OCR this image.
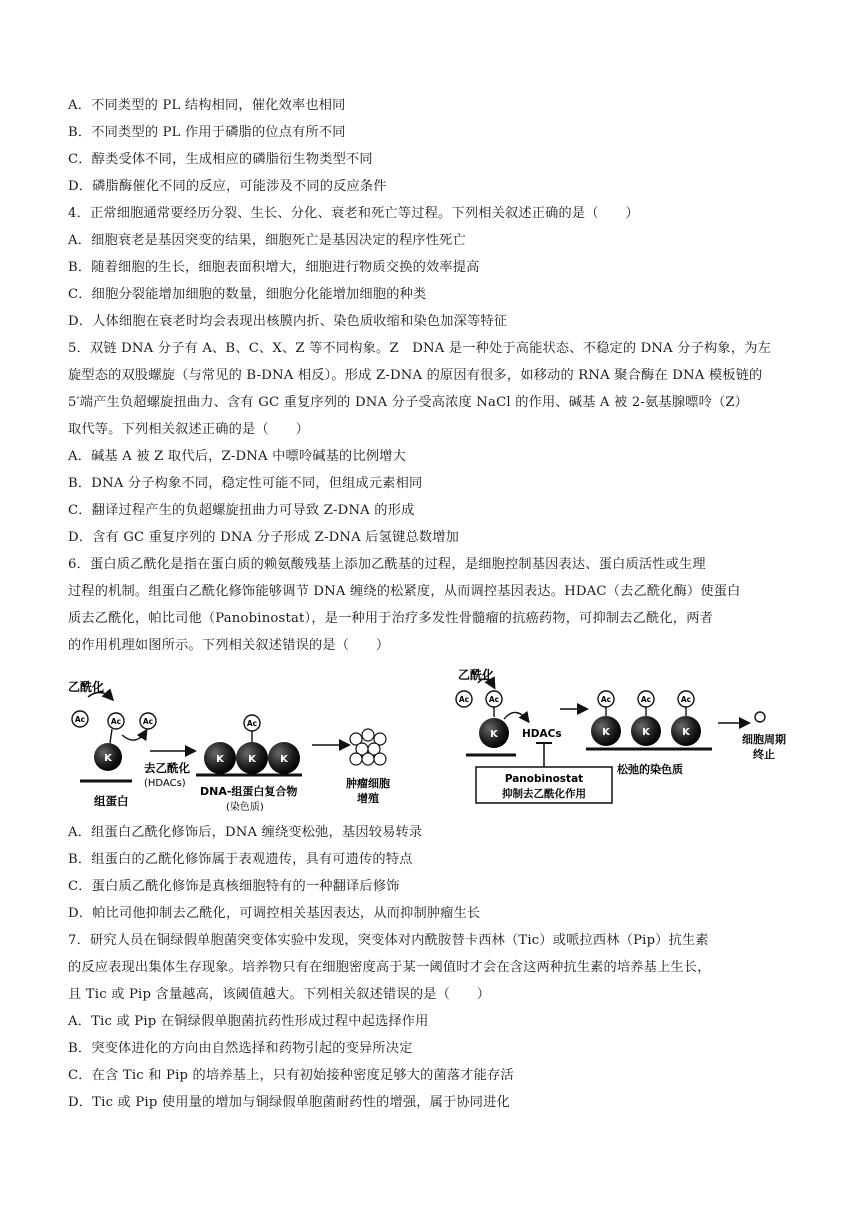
A．不同类型的 PL 结构相同，催化效率也相同
B．不同类型的 PL 作用于磷脂的位点有所不同
C．醇类受体不同，生成相应的磷脂衍生物类型不同
D．磷脂酶催化不同的反应，可能涉及不同的反应条件
4．正常细胞通常要经历分裂、生长、分化、衰老和死亡等过程。下列相关叙述正确的是（　　）
A．细胞衰老是基因突变的结果，细胞死亡是基因决定的程序性死亡
B．随着细胞的生长，细胞表面积增大，细胞进行物质交换的效率提高
C．细胞分裂能增加细胞的数量，细胞分化能增加细胞的种类
D．人体细胞在衰老时均会表现出核膜内折、染色质收缩和染色加深等特征
5．双链 DNA 分子有 A、B、C、X、Z 等不同构象。Z　DNA 是一种处于高能状态、不稳定的 DNA 分子构象，为左
旋型态的双股螺旋（与常见的 B-DNA 相反）。形成 Z-DNA 的原因有很多，如移动的 RNA 聚合酶在 DNA 模板链的
5′端产生负超螺旋扭曲力、含有 GC 重复序列的 DNA 分子受高浓度 NaCl 的作用、碱基 A 被 2-氨基腺嘌呤（Z）
取代等。下列相关叙述正确的是（　　）
A．碱基 A 被 Z 取代后，Z-DNA 中嘌呤碱基的比例增大
B．DNA 分子构象不同，稳定性可能不同，但组成元素相同
C．翻译过程产生的负超螺旋扭曲力可导致 Z-DNA 的形成
D．含有 GC 重复序列的 DNA 分子形成 Z-DNA 后氢键总数增加
6．蛋白质乙酰化是指在蛋白质的赖氨酸残基上添加乙酰基的过程，是细胞控制基因表达、蛋白质活性或生理
过程的机制。组蛋白乙酰化修饰能够调节 DNA 缠绕的松紧度，从而调控基因表达。HDAC（去乙酰化酶）使蛋白
质去乙酰化，帕比司他（Panobinostat），是一种用于治疗多发性骨髓瘤的抗癌药物，可抑制去乙酰化，两者
的作用机理如图所示。下列相关叙述错误的是（　　）
乙酰化
K
Ac	Ac	Ac
组蛋白
去乙酰化
(HDACs)
K K K
Ac
DNA-组蛋白复合物
(染色质)
肿瘤细胞
增殖
乙酰化
Ac	Ac
K HDACs
Panobinostat
抑制去乙酰化作用
K	K	K
Ac	Ac	Ac
松弛的染色质
细胞周期
终止
A．组蛋白乙酰化修饰后，DNA 缠绕变松弛，基因较易转录
B．组蛋白的乙酰化修饰属于表观遗传，具有可遗传的特点
C．蛋白质乙酰化修饰是真核细胞特有的一种翻译后修饰
D．帕比司他抑制去乙酰化，可调控相关基因表达，从而抑制肿瘤生长
7．研究人员在铜绿假单胞菌突变体实验中发现，突变体对内酰胺替卡西林（Tic）或哌拉西林（Pip）抗生素
的反应表现出集体生存现象。培养物只有在细胞密度高于某一阈值时才会在含这两种抗生素的培养基上生长，
且 Tic 或 Pip 含量越高，该阈值越大。下列相关叙述错误的是（　　）
A．Tic 或 Pip 在铜绿假单胞菌抗药性形成过程中起选择作用
B．突变体进化的方向由自然选择和药物引起的变异所决定
C．在含 Tic 和 Pip 的培养基上，只有初始接种密度足够大的菌落才能存活
D．Tic 或 Pip 使用量的增加与铜绿假单胞菌耐药性的增强，属于协同进化
